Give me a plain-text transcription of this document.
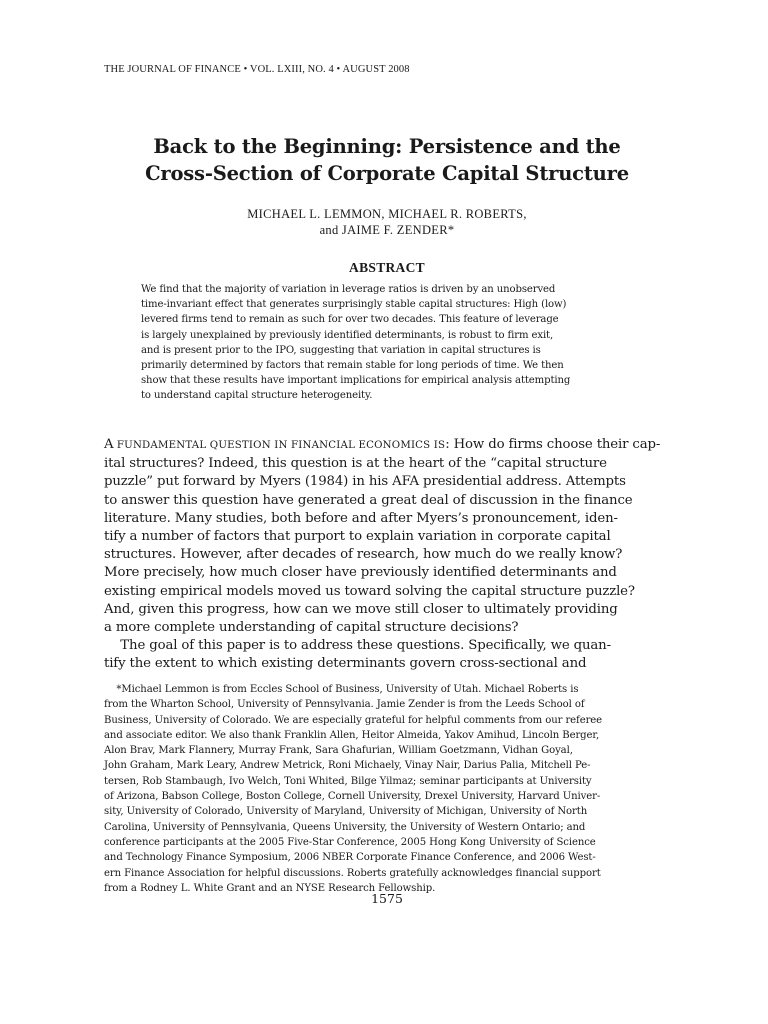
THE JOURNAL OF FINANCE • VOL. LXIII, NO. 4 • AUGUST 2008
Back to the Beginning: Persistence and the
Cross-Section of Corporate Capital Structure
MICHAEL L. LEMMON, MICHAEL R. ROBERTS,
and JAIME F. ZENDER*
ABSTRACT
We find that the majority of variation in leverage ratios is driven by an unobserved
time-invariant effect that generates surprisingly stable capital structures: High (low)
levered firms tend to remain as such for over two decades. This feature of leverage
is largely unexplained by previously identified determinants, is robust to firm exit,
and is present prior to the IPO, suggesting that variation in capital structures is
primarily determined by factors that remain stable for long periods of time. We then
show that these results have important implications for empirical analysis attempting
to understand capital structure heterogeneity.
A FUNDAMENTAL QUESTION IN FINANCIAL ECONOMICS IS: How do firms choose their cap-
ital structures? Indeed, this question is at the heart of the “capital structure
puzzle” put forward by Myers (1984) in his AFA presidential address. Attempts
to answer this question have generated a great deal of discussion in the finance
literature. Many studies, both before and after Myers’s pronouncement, iden-
tify a number of factors that purport to explain variation in corporate capital
structures. However, after decades of research, how much do we really know?
More precisely, how much closer have previously identified determinants and
existing empirical models moved us toward solving the capital structure puzzle?
And, given this progress, how can we move still closer to ultimately providing
a more complete understanding of capital structure decisions?
The goal of this paper is to address these questions. Specifically, we quan-
tify the extent to which existing determinants govern cross-sectional and
*Michael Lemmon is from Eccles School of Business, University of Utah. Michael Roberts is
from the Wharton School, University of Pennsylvania. Jamie Zender is from the Leeds School of
Business, University of Colorado. We are especially grateful for helpful comments from our referee
and associate editor. We also thank Franklin Allen, Heitor Almeida, Yakov Amihud, Lincoln Berger,
Alon Brav, Mark Flannery, Murray Frank, Sara Ghafurian, William Goetzmann, Vidhan Goyal,
John Graham, Mark Leary, Andrew Metrick, Roni Michaely, Vinay Nair, Darius Palia, Mitchell Pe-
tersen, Rob Stambaugh, Ivo Welch, Toni Whited, Bilge Yilmaz; seminar participants at University
of Arizona, Babson College, Boston College, Cornell University, Drexel University, Harvard Univer-
sity, University of Colorado, University of Maryland, University of Michigan, University of North
Carolina, University of Pennsylvania, Queens University, the University of Western Ontario; and
conference participants at the 2005 Five-Star Conference, 2005 Hong Kong University of Science
and Technology Finance Symposium, 2006 NBER Corporate Finance Conference, and 2006 West-
ern Finance Association for helpful discussions. Roberts gratefully acknowledges financial support
from a Rodney L. White Grant and an NYSE Research Fellowship.
1575
